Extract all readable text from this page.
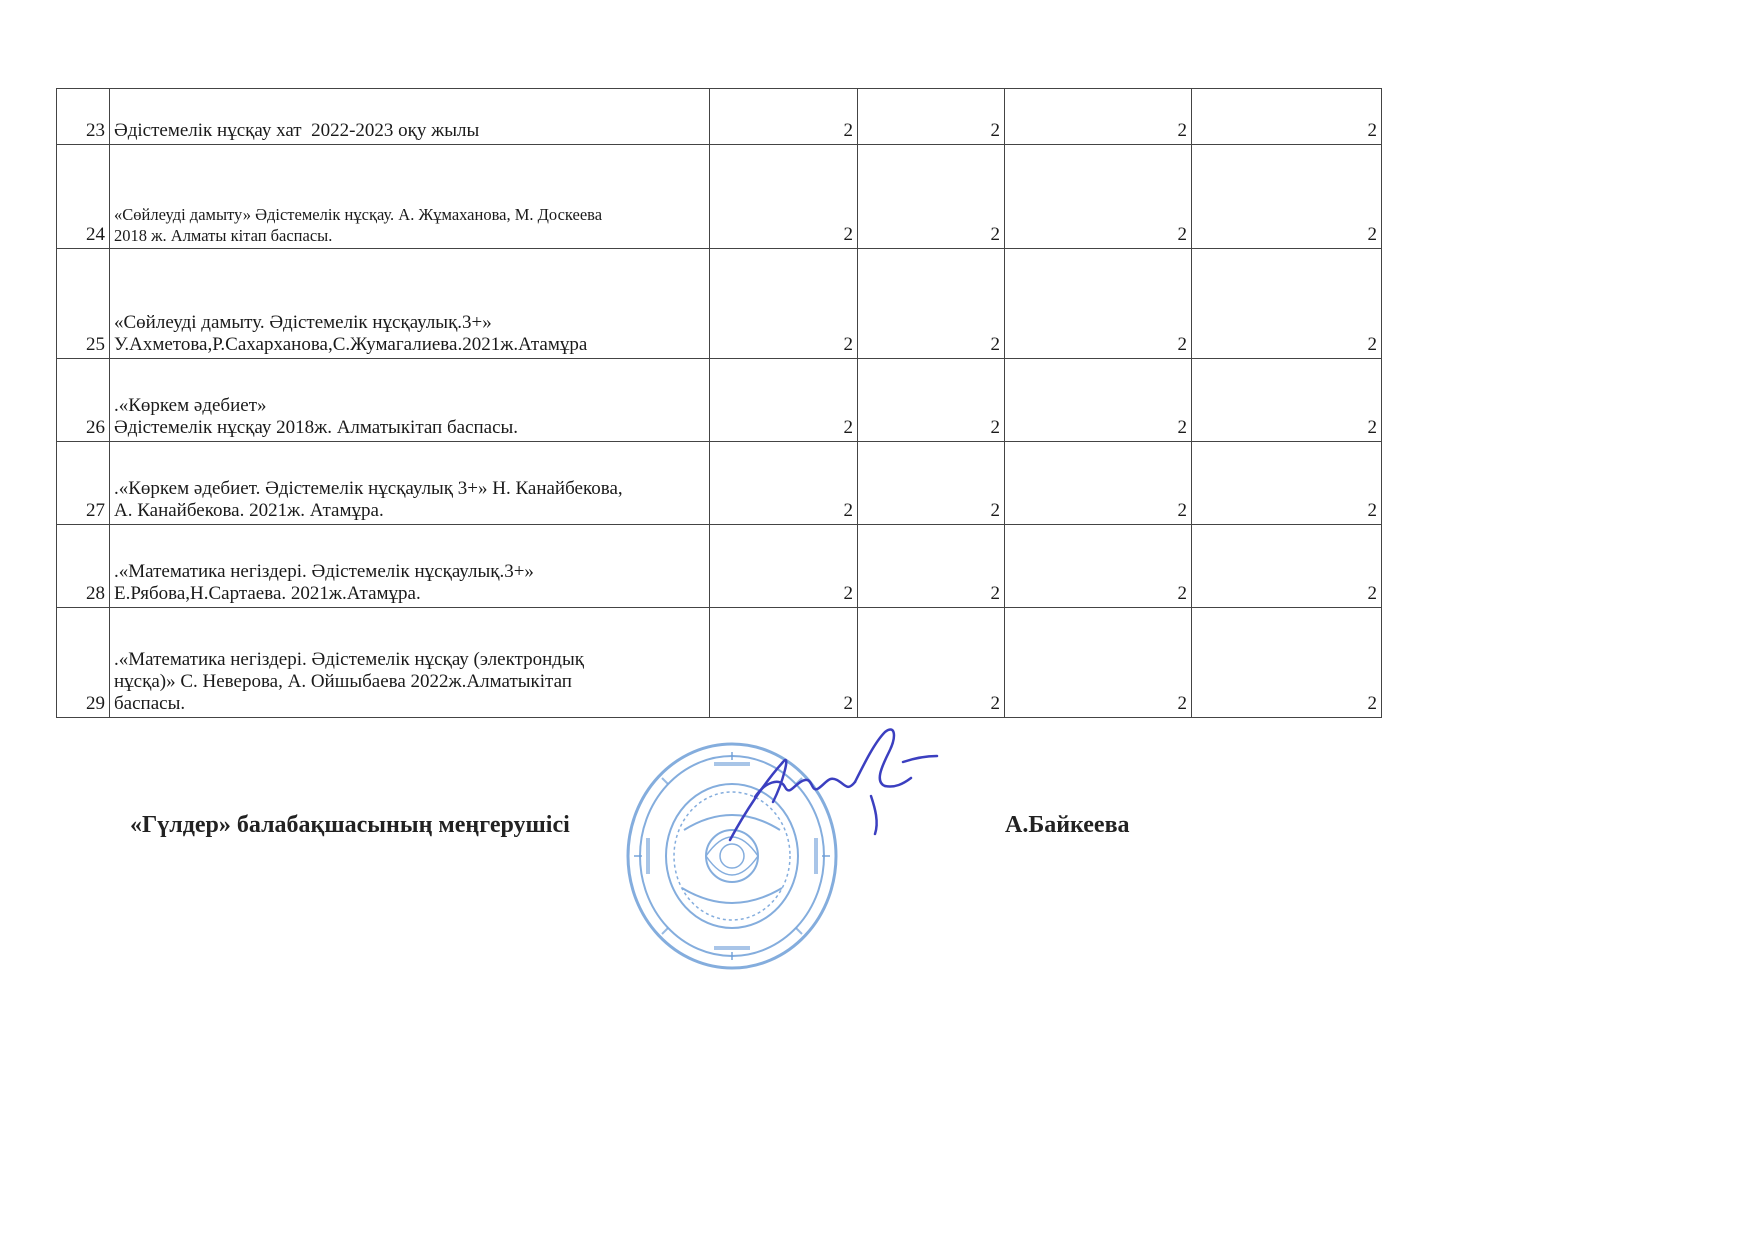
23	Әдістемелік нұсқау хат  2022-2023 оқу жылы	2	2	2	2
24	«Сөйлеуді дамыту» Әдістемелік нұсқау. А. Жұмаханова, М. Доскеева
2018 ж. Алматы кітап баспасы.	2	2	2	2
25	«Сөйлеуді дамыту. Әдістемелік нұсқаулық.3+»
У.Ахметова,Р.Сахарханова,С.Жумагалиева.2021ж.Атамұра	2	2	2	2
26	.«Көркем әдебиет»
Әдістемелік нұсқау 2018ж. Алматыкітап баспасы.	2	2	2	2
27	.«Көркем әдебиет. Әдістемелік нұсқаулық 3+» Н. Канайбекова,
А. Канайбекова. 2021ж. Атамұра.	2	2	2	2
28	.«Математика негіздері. Әдістемелік нұсқаулық.3+»
Е.Рябова,Н.Сартаева. 2021ж.Атамұра.	2	2	2	2
29	.«Математика негіздері. Әдістемелік нұсқау (электрондық
нұсқа)» С. Неверова, А. Ойшыбаева 2022ж.Алматыкітап
баспасы.	2	2	2	2
«Гүлдер» балабақшасының меңгерушісі	А.Байкеева
